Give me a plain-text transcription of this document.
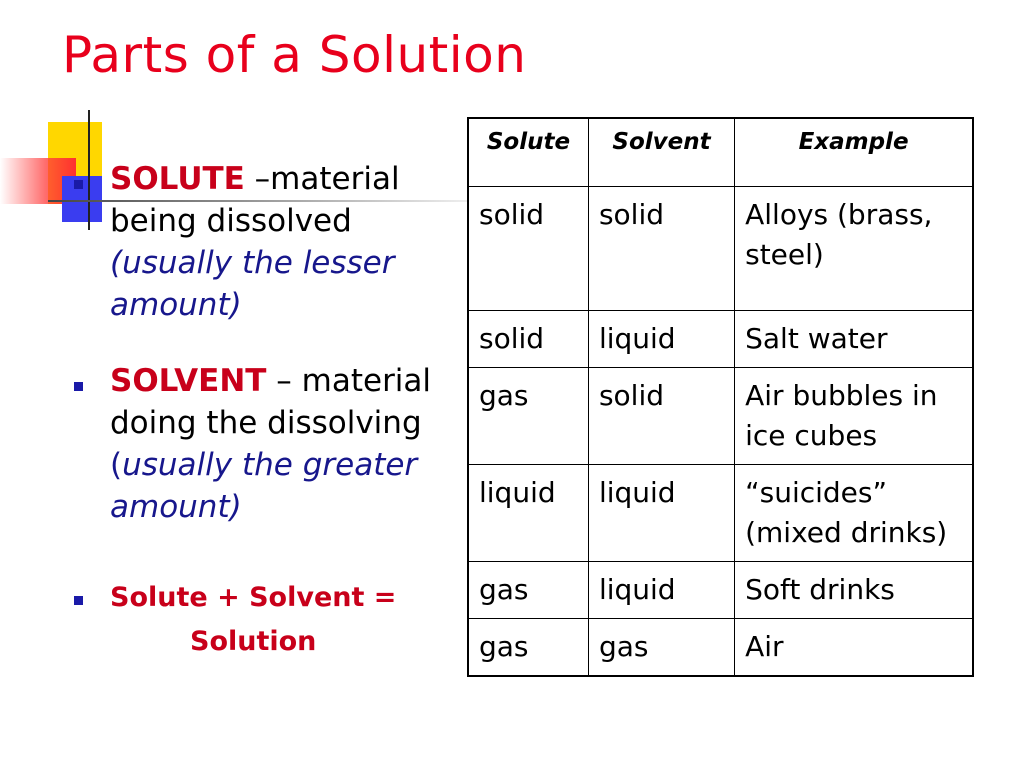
Parts of a Solution
SOLUTE –material being dissolved (usually the lesser amount)
SOLVENT – material doing the dissolving (usually the greater amount)
Solute + Solvent =
Solution
Solute	Solvent	Example
solid	solid	Alloys (brass, steel)
solid	liquid	Salt water
gas	solid	Air bubbles in ice cubes
liquid	liquid	“suicides” (mixed drinks)
gas	liquid	Soft drinks
gas	gas	Air
